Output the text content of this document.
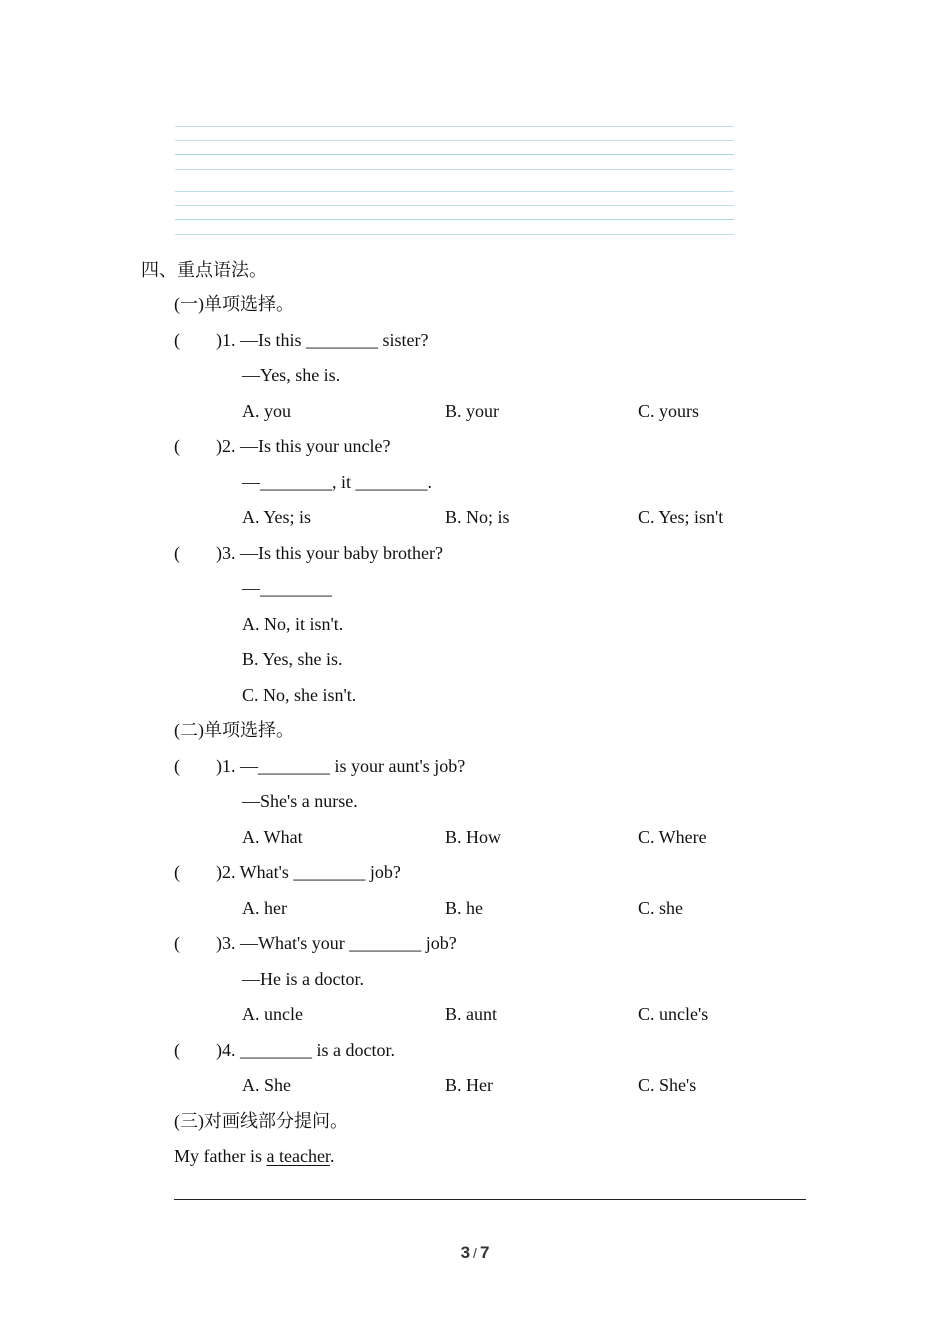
四、重点语法。
(一)单项选择。
(        )1. —Is this ________ sister?
—Yes, she is.
A. you	B. your	C. yours
(        )2. —Is this your uncle?
—________, it ________.
A. Yes; is	B. No; is	C. Yes; isn't
(        )3. —Is this your baby brother?
—________
A. No, it isn't.
B. Yes, she is.
C. No, she isn't.
(二)单项选择。
(        )1. —________ is your aunt's job?
—She's a nurse.
A. What	B. How	C. Where
(        )2. What's ________ job?
A. her	B. he	C. she
(        )3. —What's your ________ job?
—He is a doctor.
A. uncle	B. aunt	C. uncle's
(        )4. ________ is a doctor.
A. She	B. Her	C. She's
(三)对画线部分提问。
My father is a teacher.
3 / 7
